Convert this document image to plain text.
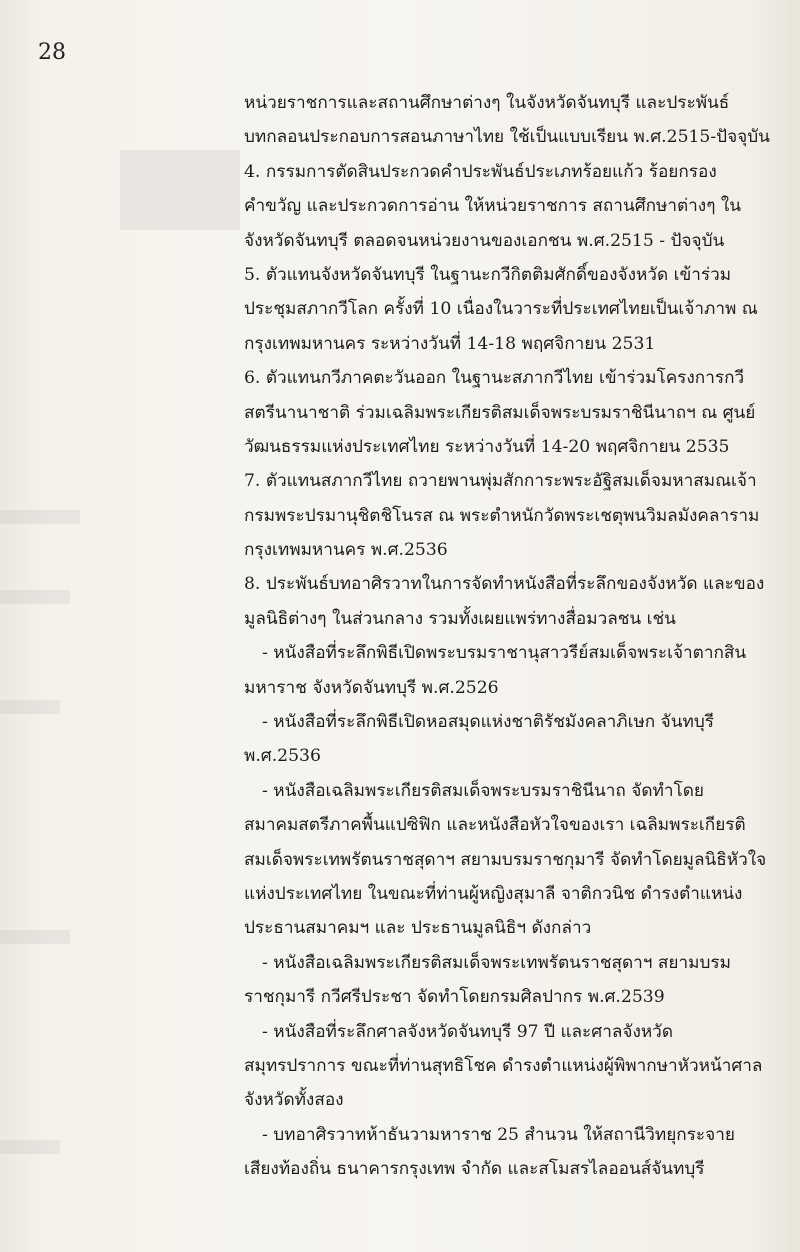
28
หน่วยราชการและสถานศึกษาต่างๆ ในจังหวัดจันทบุรี และประพันธ์
บทกลอนประกอบการสอนภาษาไทย ใช้เป็นแบบเรียน พ.ศ.2515-ปัจจุบัน
4. กรรมการตัดสินประกวดคำประพันธ์ประเภทร้อยแก้ว ร้อยกรอง
คำขวัญ และประกวดการอ่าน ให้หน่วยราชการ สถานศึกษาต่างๆ ใน
จังหวัดจันทบุรี ตลอดจนหน่วยงานของเอกชน พ.ศ.2515 - ปัจจุบัน
5. ตัวแทนจังหวัดจันทบุรี ในฐานะกวีกิตติมศักดิ์ของจังหวัด เข้าร่วม
ประชุมสภากวีโลก ครั้งที่ 10 เนื่องในวาระที่ประเทศไทยเป็นเจ้าภาพ ณ
กรุงเทพมหานคร ระหว่างวันที่ 14-18 พฤศจิกายน 2531
6. ตัวแทนกวีภาคตะวันออก ในฐานะสภากวีไทย เข้าร่วมโครงการกวี
สตรีนานาชาติ ร่วมเฉลิมพระเกียรติสมเด็จพระบรมราชินีนาถฯ ณ ศูนย์
วัฒนธรรมแห่งประเทศไทย ระหว่างวันที่ 14-20 พฤศจิกายน 2535
7. ตัวแทนสภากวีไทย ถวายพานพุ่มสักการะพระอัฐิสมเด็จมหาสมณเจ้า
กรมพระปรมานุชิตชิโนรส ณ พระตำหนักวัดพระเชตุพนวิมลมังคลาราม
กรุงเทพมหานคร พ.ศ.2536
8. ประพันธ์บทอาศิรวาทในการจัดทำหนังสือที่ระลึกของจังหวัด และของ
มูลนิธิต่างๆ ในส่วนกลาง รวมทั้งเผยแพร่ทางสื่อมวลชน เช่น
- หนังสือที่ระลึกพิธีเปิดพระบรมราชานุสาวรีย์สมเด็จพระเจ้าตากสิน
มหาราช จังหวัดจันทบุรี พ.ศ.2526
- หนังสือที่ระลึกพิธีเปิดหอสมุดแห่งชาติรัชมังคลาภิเษก จันทบุรี
พ.ศ.2536
- หนังสือเฉลิมพระเกียรติสมเด็จพระบรมราชินีนาถ จัดทำโดย
สมาคมสตรีภาคพื้นแปซิฟิก และหนังสือหัวใจของเรา เฉลิมพระเกียรติ
สมเด็จพระเทพรัตนราชสุดาฯ สยามบรมราชกุมารี จัดทำโดยมูลนิธิหัวใจ
แห่งประเทศไทย ในขณะที่ท่านผู้หญิงสุมาลี จาติกวนิช ดำรงตำแหน่ง
ประธานสมาคมฯ และ ประธานมูลนิธิฯ ดังกล่าว
- หนังสือเฉลิมพระเกียรติสมเด็จพระเทพรัตนราชสุดาฯ สยามบรม
ราชกุมารี กวีศรีประชา จัดทำโดยกรมศิลปากร พ.ศ.2539
- หนังสือที่ระลึกศาลจังหวัดจันทบุรี 97 ปี และศาลจังหวัด
สมุทรปราการ ขณะที่ท่านสุทธิโชค ดำรงตำแหน่งผู้พิพากษาหัวหน้าศาล
จังหวัดทั้งสอง
- บทอาศิรวาทห้าธันวามหาราช 25 สำนวน ให้สถานีวิทยุกระจาย
เสียงท้องถิ่น ธนาคารกรุงเทพ จำกัด และสโมสรไลออนส์จันทบุรี
